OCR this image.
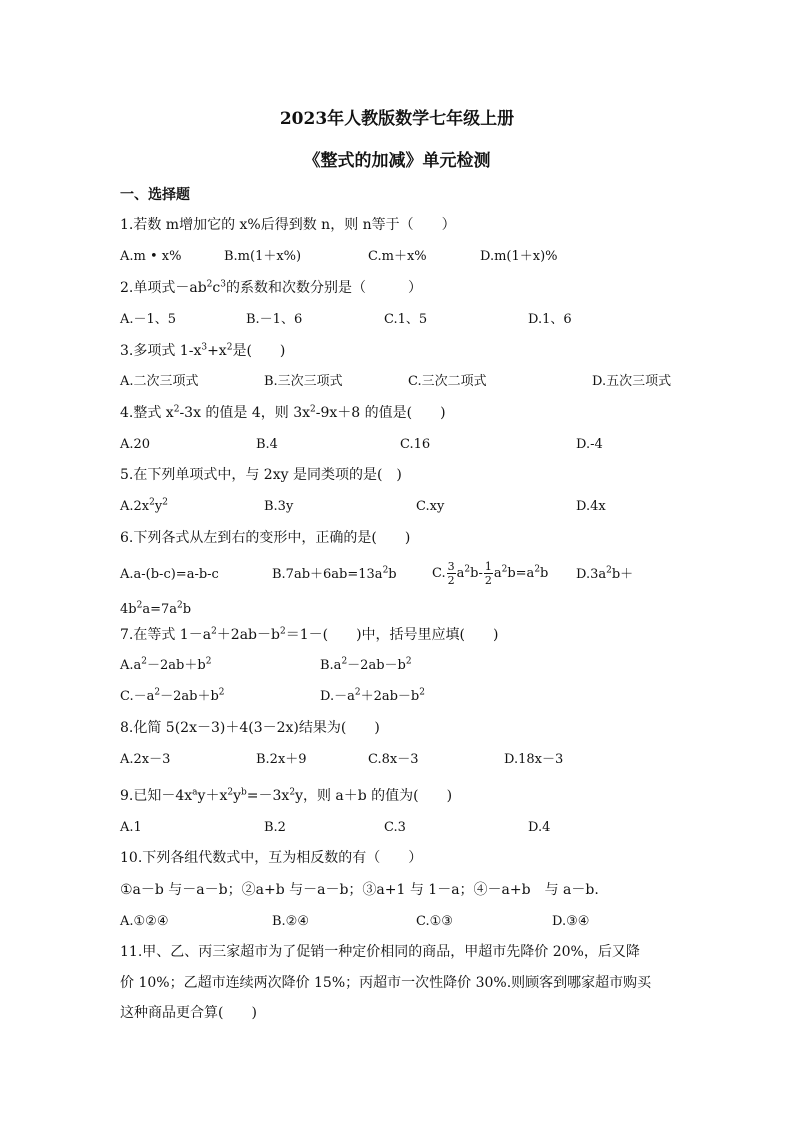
2023年人教版数学七年级上册
《整式的加减》单元检测
一、选择题
1.若数 m增加它的 x%后得到数 n，则 n等于（　　）
A.m • x%	B.m(1＋x%)	C.m＋x%	D.m(1＋x)%
2.单项式$-ab^2c^3$的系数和次数分别是（　　　）
A.－1、5	B.－1、6	C.1、5	D.1、6
3.多项式 $1-x^3+x^2$是(　　)
A.二次三项式	B.三次三项式	C.三次二项式	D.五次三项式
4.整式 $x^2-3x$ 的值是 4，则 $3x^2-9x+8$ 的值是(　　)
A.20	B.4	C.16	D.-4
5.在下列单项式中，与 2xy 是同类项的是(　)
$A.2x^2y^2$	B.3y	C.xy	D.4x
6.下列各式从左到右的变形中，正确的是(　　)
A.a-(b-c)=a-b-c	$B.7ab+6ab=13a^2b$	C. $\frac{3}{2} a^2b- \frac{1}{2} a^2b=a^2b$ $D.3a^2b+$
$4b^2a=7a^2b$
7.在等式 $1-a^2+2ab-b^2=1-$(　　)中，括号里应填(　　)
$A.a^2-2ab+b^2$	$B.a^2-2ab-b^2$
$C.-a^2-2ab+b^2$	$D.-a^2+2ab-b^2$
8.化简 5(2x－3)＋4(3－2x)结果为(　　)
A.2x－3	B.2x＋9	C.8x－3	D.18x－3
9.已知$-4x^ay+x^2y^b=-3x^2y$，则 a＋b 的值为(　　)
A.1	B.2	C.3	D.4
10.下列各组代数式中，互为相反数的有（　　）
①a－b 与－a－b；②a+b 与－a－b；③a+1 与 1－a；④－a+b　与 a－b.
A.①②④	B.②④	C.①③	D.③④
11.甲、乙、丙三家超市为了促销一种定价相同的商品，甲超市先降价 20%，后又降
价 10%；乙超市连续两次降价 15%；丙超市一次性降价 30%.则顾客到哪家超市购买
这种商品更合算(　　)
